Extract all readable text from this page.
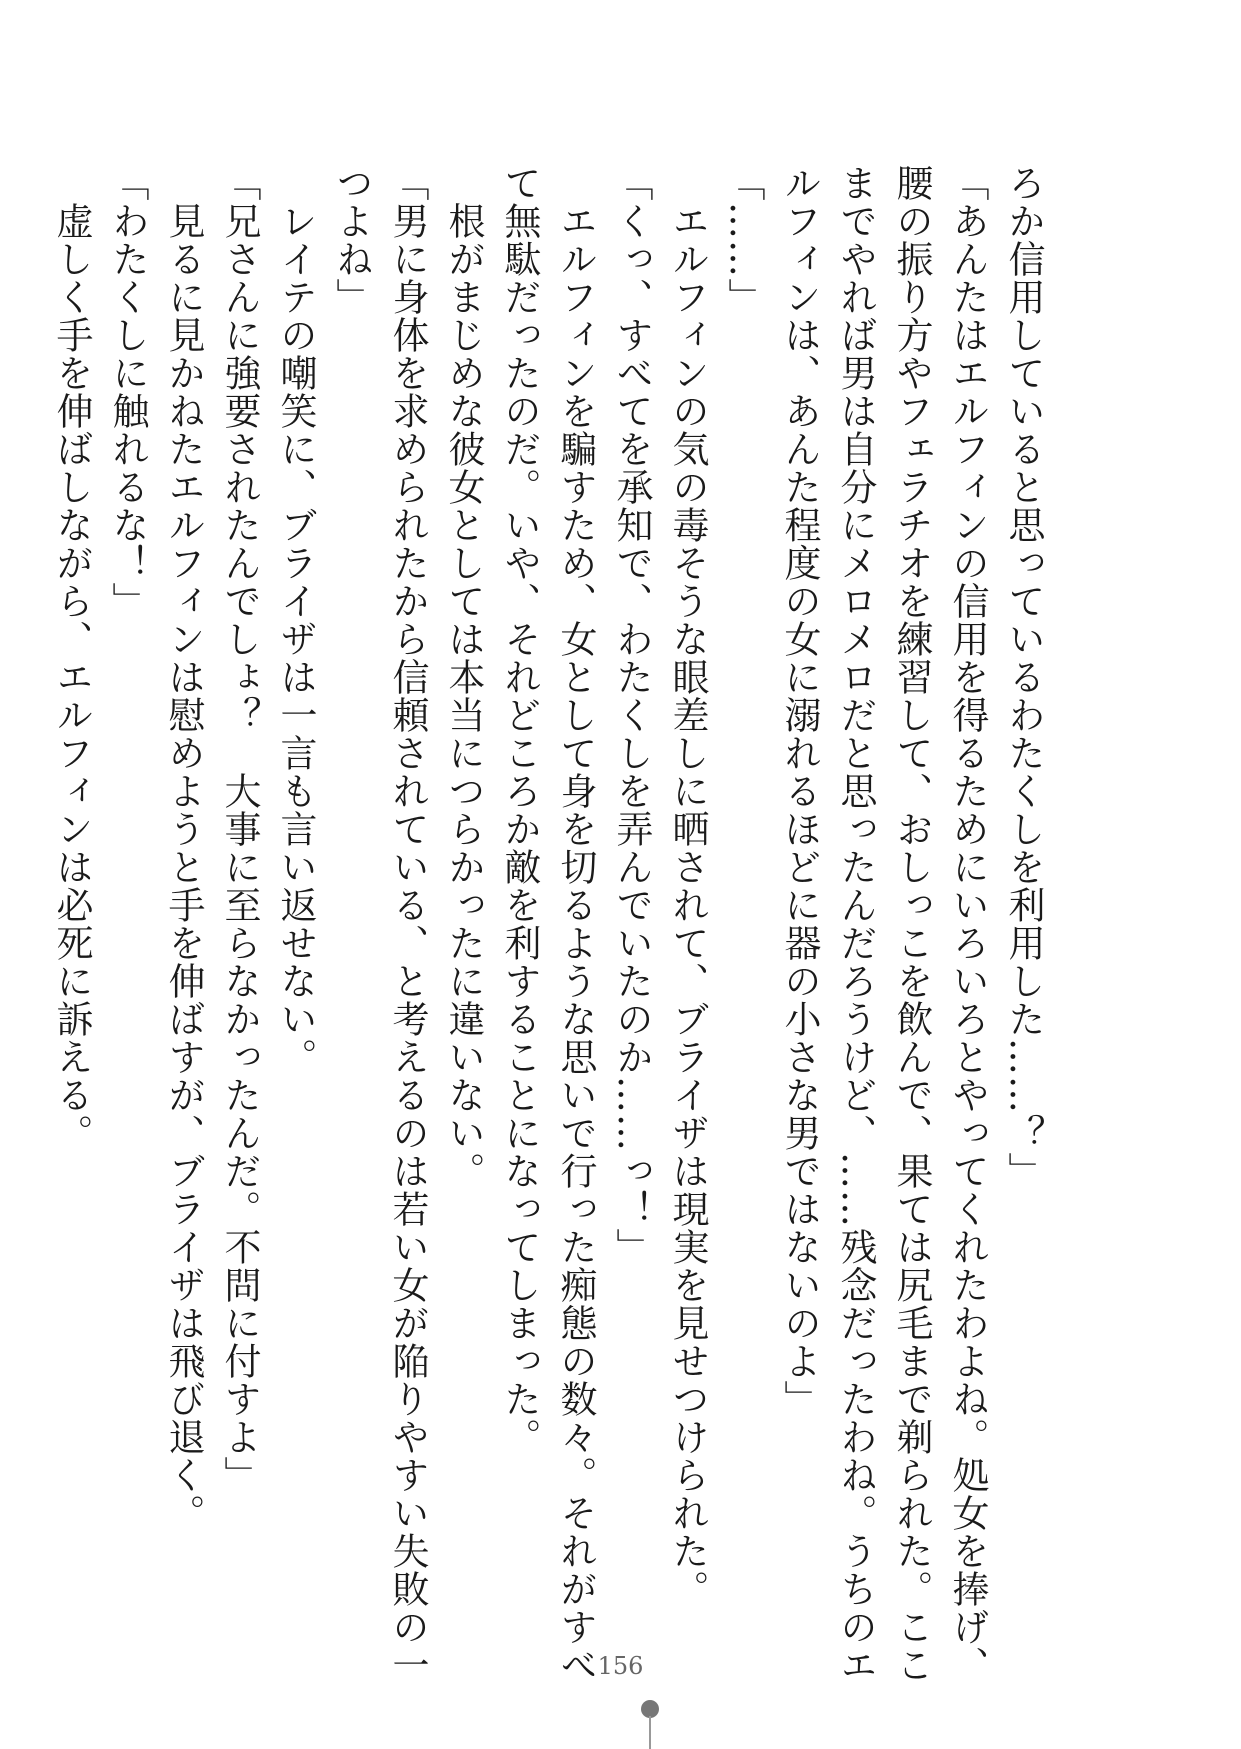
ろか信用していると思っているわたくしを利用した……？」
「あんたはエルフィンの信用を得るためにいろいろとやってくれたわよね。処女を捧げ、
腰の振り方やフェラチオを練習して、おしっこを飲んで、果ては尻毛まで剃られた。ここ
までやれば男は自分にメロメロだと思ったんだろうけど、……残念だったわね。うちのエ
ルフィンは、あんた程度の女に溺れるほどに器の小さな男ではないのよ」
「……」
　エルフィンの気の毒そうな眼差しに晒されて、ブライザは現実を見せつけられた。
「くっ、すべてを承知で、わたくしを弄んでいたのか……っ！」
　エルフィンを騙すため、女として身を切るような思いで行った痴態の数々。それがすべ
て無駄だったのだ。いや、それどころか敵を利することになってしまった。
　根がまじめな彼女としては本当につらかったに違いない。
「男に身体を求められたから信頼されている、と考えるのは若い女が陥りやすい失敗の一
つよね」
　レイテの嘲笑に、ブライザは一言も言い返せない。
「兄さんに強要されたんでしょ？　大事に至らなかったんだ。不問に付すよ」
　見るに見かねたエルフィンは慰めようと手を伸ばすが、ブライザは飛び退く。
「わたくしに触れるな！」
　虚しく手を伸ばしながら、エルフィンは必死に訴える。
156
